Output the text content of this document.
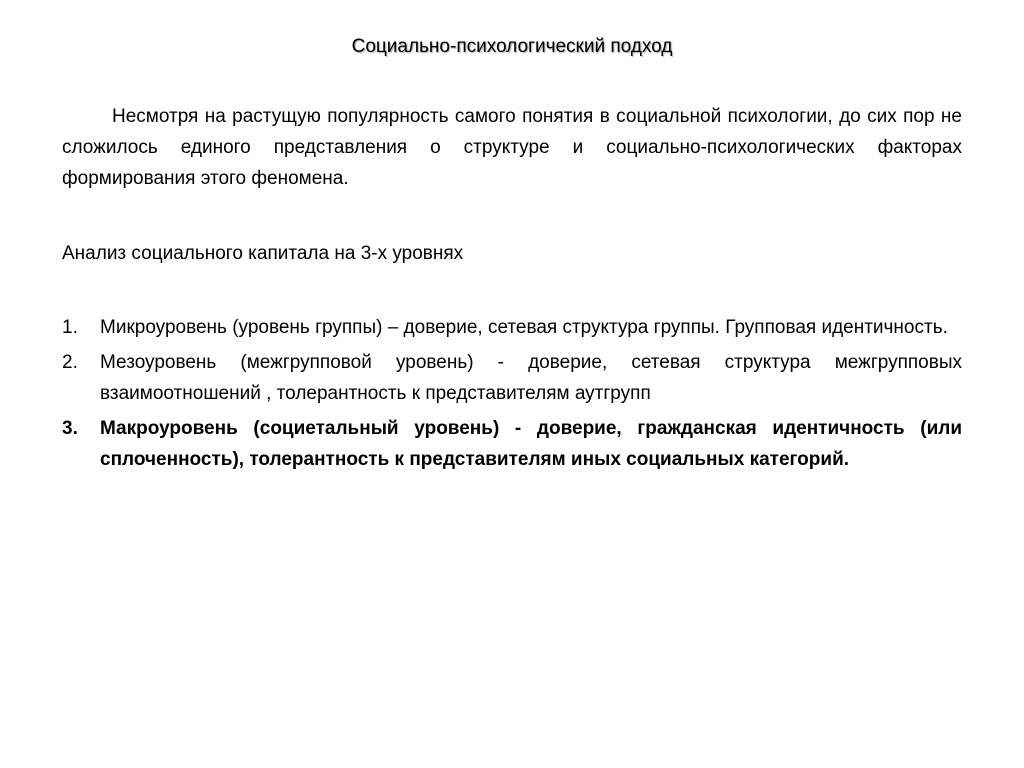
Социально-психологический подход

Несмотря на растущую популярность самого понятия в социальной психологии, до сих пор не сложилось единого представления о структуре и социально-психологических факторах формирования этого феномена.

Анализ социального капитала на 3-х уровнях

1. Микроуровень (уровень группы) – доверие, сетевая структура группы. Групповая идентичность.
2. Мезоуровень (межгрупповой уровень) - доверие, сетевая структура межгрупповых взаимоотношений , толерантность к представителям аутгрупп
3. Макроуровень (социетальный уровень) - доверие, гражданская идентичность (или сплоченность), толерантность к представителям иных социальных категорий.
